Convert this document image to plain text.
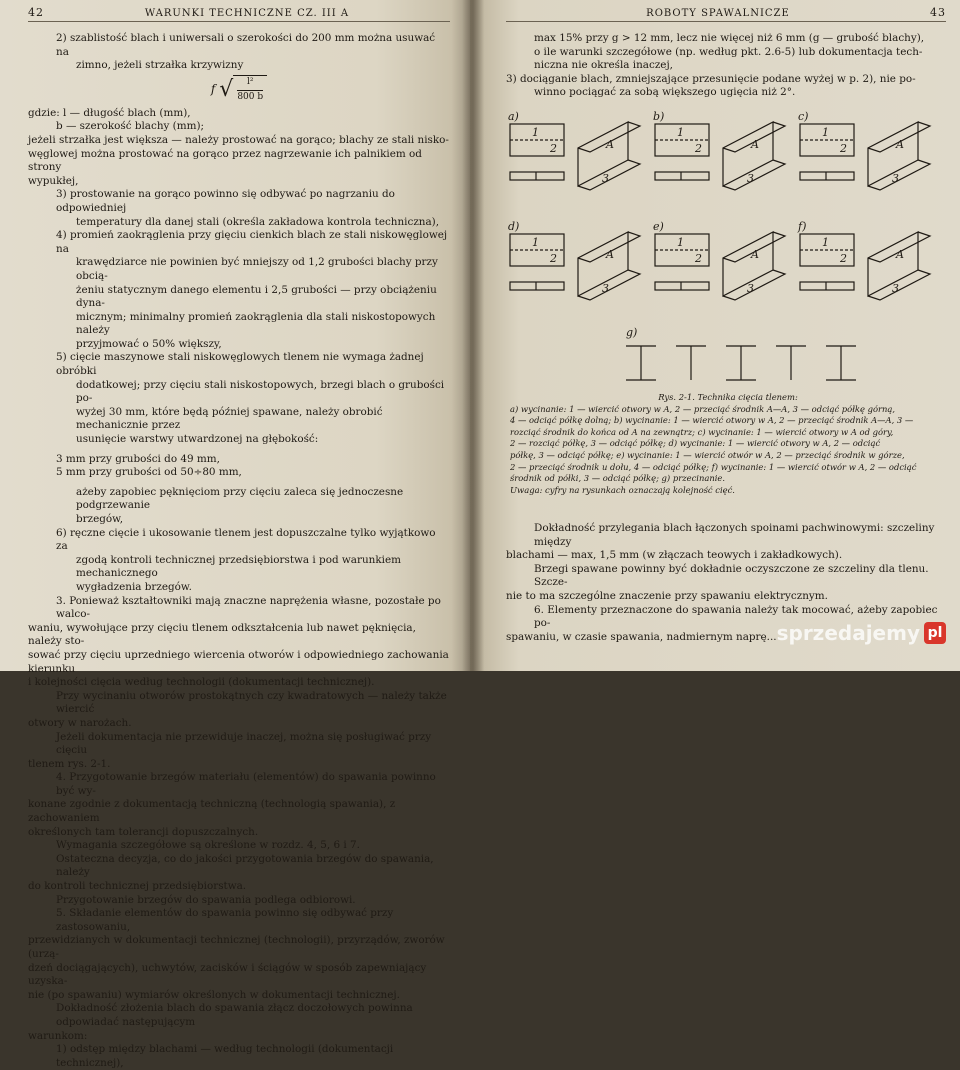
42	WARUNKI TECHNICZNE CZ. III A

2) szablistość blach i uniwersali o szerokości do 200 mm można usuwać na

zimno, jeżeli strzałka krzywizny

f √ $\frac{\text{l²}}{800 b}$

gdzie: l — długość blach (mm),

b — szerokość blachy (mm);

jeżeli strzałka jest większa — należy prostować na gorąco; blachy ze stali nisko-

węglowej można prostować na gorąco przez nagrzewanie ich palnikiem od strony

wypukłej,

3) prostowanie na gorąco powinno się odbywać po nagrzaniu do odpowiedniej

temperatury dla danej stali (określa zakładowa kontrola techniczna),

4) promień zaokrąglenia przy gięciu cienkich blach ze stali niskowęglowej na

krawędziarce nie powinien być mniejszy od 1,2 grubości blachy przy obcią-

żeniu statycznym danego elementu i 2,5 grubości — przy obciążeniu dyna-

micznym; minimalny promień zaokrąglenia dla stali niskostopowych należy

przyjmować o 50% większy,

5) cięcie maszynowe stali niskowęglowych tlenem nie wymaga żadnej obróbki

dodatkowej; przy cięciu stali niskostopowych, brzegi blach o grubości po-

wyżej 30 mm, które będą później spawane, należy obrobić mechanicznie przez

usunięcie warstwy utwardzonej na głębokość:

3 mm przy grubości do 49 mm,

5 mm przy grubości od 50÷80 mm,

ażeby zapobiec pęknięciom przy cięciu zaleca się jednoczesne podgrzewanie

brzegów,

6) ręczne cięcie i ukosowanie tlenem jest dopuszczalne tylko wyjątkowo za

zgodą kontroli technicznej przedsiębiorstwa i pod warunkiem mechanicznego

wygładzenia brzegów.

3. Ponieważ kształtowniki mają znaczne naprężenia własne, pozostałe po walco-

waniu, wywołujące przy cięciu tlenem odkształcenia lub nawet pęknięcia, należy sto-

sować przy cięciu uprzedniego wiercenia otworów i odpowiedniego zachowania kierunku

i kolejności cięcia według technologii (dokumentacji technicznej).

Przy wycinaniu otworów prostokątnych czy kwadratowych — należy także wiercić

otwory w narożach.

Jeżeli dokumentacja nie przewiduje inaczej, można się posługiwać przy cięciu

tlenem rys. 2-1.

4. Przygotowanie brzegów materiału (elementów) do spawania powinno być wy-

konane zgodnie z dokumentacją techniczną (technologią spawania), z zachowaniem

określonych tam tolerancji dopuszczalnych.

Wymagania szczegółowe są określone w rozdz. 4, 5, 6 i 7.

Ostateczna decyzja, co do jakości przygotowania brzegów do spawania, należy

do kontroli technicznej przedsiębiorstwa.

Przygotowanie brzegów do spawania podlega odbiorowi.

5. Składanie elementów do spawania powinno się odbywać przy zastosowaniu,

przewidzianych w dokumentacji technicznej (technologii), przyrządów, zworów (urzą-

dzeń dociągających), uchwytów, zacisków i ściągów w sposób zapewniający uzyska-

nie (po spawaniu) wymiarów określonych w dokumentacji technicznej.

Dokładność złożenia blach do spawania złącz doczołowych powinna odpowiadać następującym

warunkom:

1) odstęp między blachami — według technologii (dokumentacji technicznej),

ROBOTY SPAWALNICZE	43

max 15% przy g > 12 mm, lecz nie więcej niż 6 mm (g — grubość blachy),

o ile warunki szczegółowe (np. według pkt. 2.6-5) lub dokumentacja tech-

niczna nie określa inaczej,

3) dociąganie blach, zmniejszające przesunięcie podane wyżej w p. 2), nie po-

winno pociągać za sobą większego ugięcia niż 2°.

a)
1
2
3
A
b)
1
2
3
A
c)
1
2
3
A
d)
1
2
3
A
e)
1
2
3
A
f)
1
2
3
A
g)
Rys. 2-1. Technika cięcia tlenem:
a) wycinanie: 1 — wiercić otwory w A, 2 — przeciąć środnik A—A, 3 — odciąć półkę górną,
4 — odciąć półkę dolną; b) wycinanie: 1 — wiercić otwory w A, 2 — przeciąć środnik A—A, 3 —
rozciąć środnik do końca od A na zewnątrz; c) wycinanie: 1 — wiercić otwory w A od góry,
2 — rozciąć półkę, 3 — odciąć półkę; d) wycinanie: 1 — wiercić otwory w A, 2 — odciąć
półkę, 3 — odciąć półkę; e) wycinanie: 1 — wiercić otwór w A, 2 — przeciąć środnik w górze,
2 — przeciąć środnik u dołu, 4 — odciąć półkę; f) wycinanie: 1 — wiercić otwór w A, 2 — odciąć
środnik od półki, 3 — odciąć półkę; g) przecinanie.
Uwaga: cyfry na rysunkach oznaczają kolejność cięć.

Dokładność przylegania blach łączonych spoinami pachwinowymi: szczeliny między

blachami — max, 1,5 mm (w złączach teowych i zakładkowych).

Brzegi spawane powinny być dokładnie oczyszczone ze szczeliny dla tlenu. Szcze-

nie to ma szczególne znaczenie przy spawaniu elektrycznym.

6. Elementy przeznaczone do spawania należy tak mocować, ażeby zapobiec po-

spawaniu, w czasie spawania, nadmiernym naprę... sprzedajemy pl
